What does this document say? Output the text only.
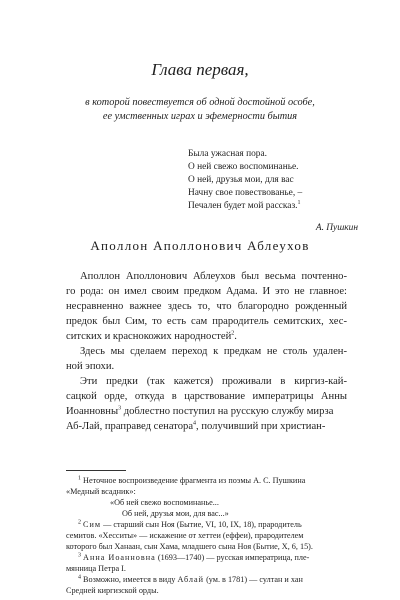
Глава первая,
в которой повествуется об одной достойной особе,
ее умственных играх и эфемерности бытия
Была ужасная пора.
О ней свежо воспоминанье.
О ней, друзья мои, для вас
Начну свое повествованье, –
Печален будет мой рассказ.$^1$
А. Пушкин
Аполлон Аполлонович Аблеухов
Аполлон Аполлонович Аблеухов был весьма почтенно-
го рода: он имел своим предком Адама. И это не главное:
несравненно важнее здесь то, что благородно рожденный
предок был Сим, то есть сам прародитель семитских, хес-
ситских и краснокожих народностей$^2$.
Здесь мы сделаем переход к предкам не столь удален-
ной эпохи.
Эти предки (так кажется) проживали в киргиз-кай-
сацкой орде, откуда в царствование императрицы Анны
Иоанновны$^3$ доблестно поступил на русскую службу мирза
Аб-Лай, праправед сенатора$^4$, получивший при христиан-
$^1$ Неточное воспроизведение фрагмента из поэмы А. С. Пушкина
«Медный всадник»:
«Об ней свежо воспоминанье...
Об ней, друзья мои, для вас...»
$^2$ Сим — старший сын Ноя (Бытие, VI, 10, IX, 18), прародитель
семитов. «Хесситы» — искажение от хеттеи (еффеи), прародителем
которого был Ханаан, сын Хама, младшего сына Ноя (Бытие, X, 6, 15).
$^3$ Анна Иоанновна (1693—1740) — русская императрица, пле-
мянница Петра I.
$^4$ Возможно, имеется в виду Аблай (ум. в 1781) — султан и хан
Средней киргизской орды.
